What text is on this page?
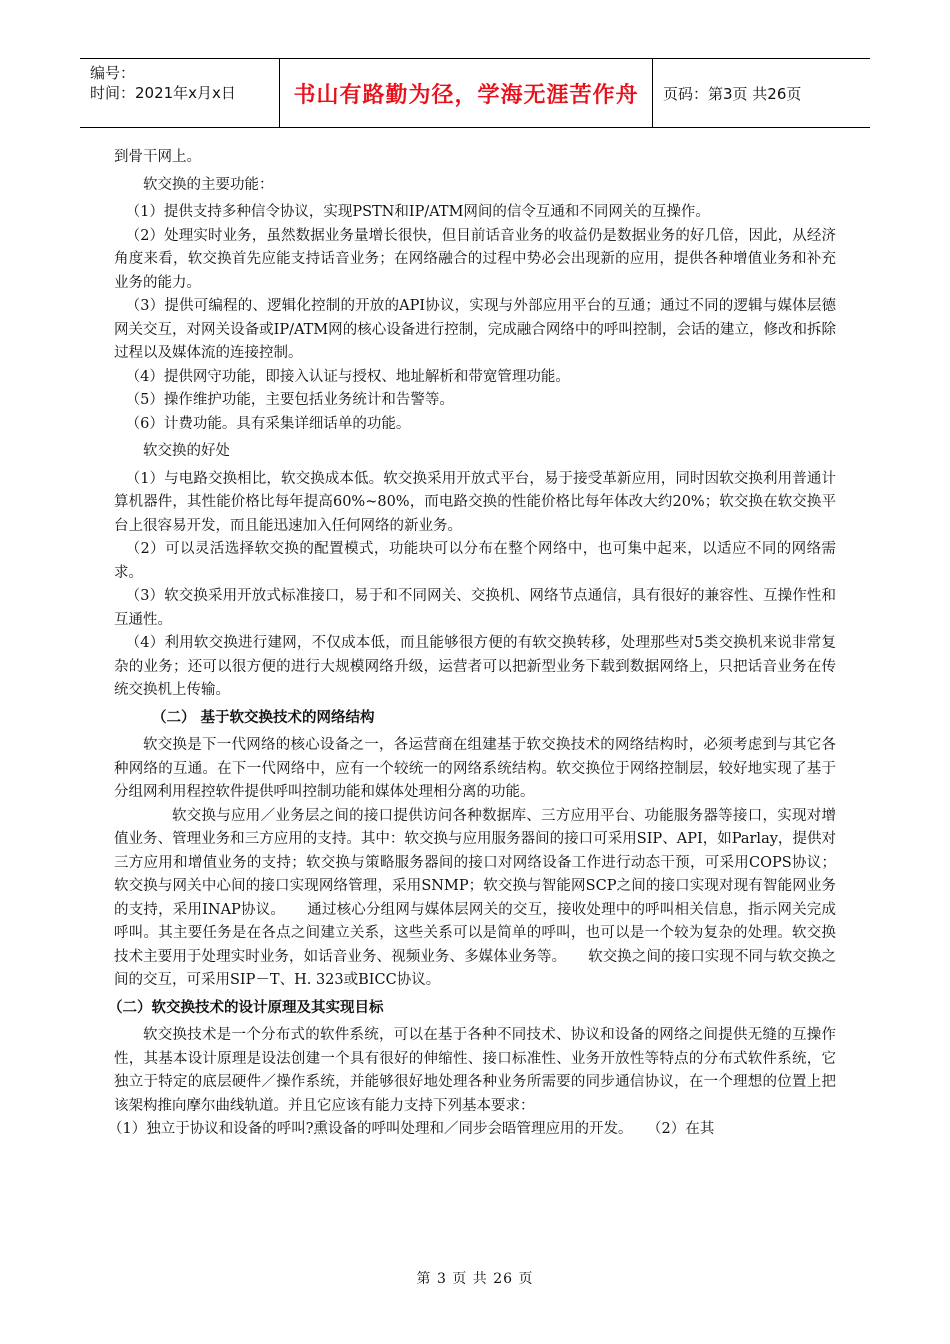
编号：
时间：2021年x月x日	书山有路勤为径，学海无涯苦作舟	页码：第3页 共26页

到骨干网上。

软交换的主要功能：

（1）提供支持多种信令协议，实现PSTN和IP/ATM网间的信令互通和不同网关的互操作。

（2）处理实时业务，虽然数据业务量增长很快，但目前话音业务的收益仍是数据业务的好几倍，因此，从经济角度来看，软交换首先应能支持话音业务；在网络融合的过程中势必会出现新的应用，提供各种增值业务和补充业务的能力。

（3）提供可编程的、逻辑化控制的开放的API协议，实现与外部应用平台的互通；通过不同的逻辑与媒体层德网关交互，对网关设备或IP/ATM网的核心设备进行控制，完成融合网络中的呼叫控制，会话的建立，修改和拆除过程以及媒体流的连接控制。

（4）提供网守功能，即接入认证与授权、地址解析和带宽管理功能。

（5）操作维护功能，主要包括业务统计和告警等。

（6）计费功能。具有采集详细话单的功能。

软交换的好处

（1）与电路交换相比，软交换成本低。软交换采用开放式平台，易于接受革新应用，同时因软交换利用普通计算机器件，其性能价格比每年提高60%~80%，而电路交换的性能价格比每年体改大约20%；软交换在软交换平台上很容易开发，而且能迅速加入任何网络的新业务。

（2）可以灵活选择软交换的配置模式，功能块可以分布在整个网络中，也可集中起来，以适应不同的网络需求。

（3）软交换采用开放式标准接口，易于和不同网关、交换机、网络节点通信，具有很好的兼容性、互操作性和互通性。

（4）利用软交换进行建网，不仅成本低，而且能够很方便的有软交换转移，处理那些对5类交换机来说非常复杂的业务；还可以很方便的进行大规模网络升级，运营者可以把新型业务下载到数据网络上，只把话音业务在传统交换机上传输。

（二） 基于软交换技术的网络结构

软交换是下一代网络的核心设备之一，各运营商在组建基于软交换技术的网络结构时，必须考虑到与其它各种网络的互通。在下一代网络中，应有一个较统一的网络系统结构。软交换位于网络控制层，较好地实现了基于分组网利用程控软件提供呼叫控制功能和媒体处理相分离的功能。

软交换与应用／业务层之间的接口提供访问各种数据库、三方应用平台、功能服务器等接口，实现对增值业务、管理业务和三方应用的支持。其中：软交换与应用服务器间的接口可采用SIP、API，如Parlay，提供对三方应用和增值业务的支持；软交换与策略服务器间的接口对网络设备工作进行动态干预，可采用COPS协议；软交换与网关中心间的接口实现网络管理，采用SNMP；软交换与智能网SCP之间的接口实现对现有智能网业务的支持，采用INAP协议。　　通过核心分组网与媒体层网关的交互，接收处理中的呼叫相关信息，指示网关完成呼叫。其主要任务是在各点之间建立关系，这些关系可以是简单的呼叫，也可以是一个较为复杂的处理。软交换技术主要用于处理实时业务，如话音业务、视频业务、多媒体业务等。　　软交换之间的接口实现不同与软交换之间的交互，可采用SIP－T、H. 323或BICC协议。

（二）软交换技术的设计原理及其实现目标

软交换技术是一个分布式的软件系统，可以在基于各种不同技术、协议和设备的网络之间提供无缝的互操作性，其基本设计原理是设法创建一个具有很好的伸缩性、接口标准性、业务开放性等特点的分布式软件系统，它独立于特定的底层硬件／操作系统，并能够很好地处理各种业务所需要的同步通信协议，在一个理想的位置上把该架构推向摩尔曲线轨道。并且它应该有能力支持下列基本要求：

（1）独立于协议和设备的呼叫?熏设备的呼叫处理和／同步会晤管理应用的开发。　　（2）在其

第 3 页 共 26 页
